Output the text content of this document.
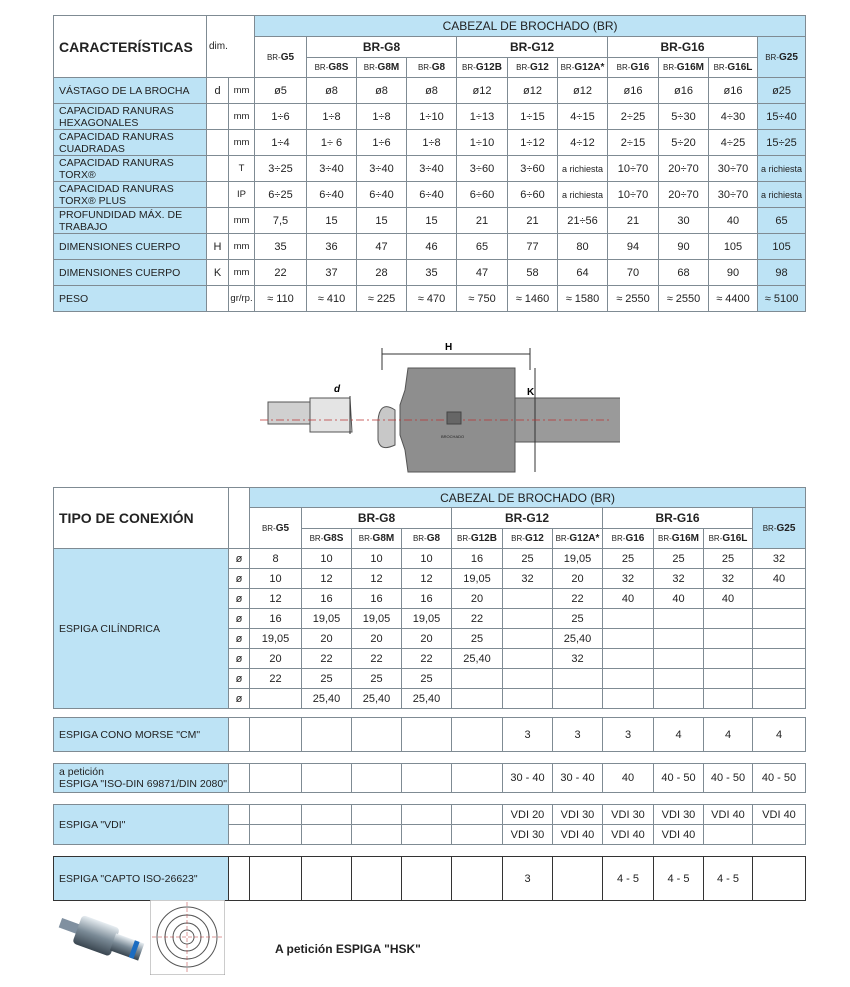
CARACTERÍSTICAS	dim.		CABEZAL DE BROCHADO (BR)										
			BR-G5	BR-G8			BR-G12			BR-G16			BR-G25
				BR-G8S	BR-G8M	BR-G8	BR-G12B	BR-G12	BR-G12A*	BR-G16	BR-G16M	BR-G16L	
VÁSTAGO DE LA BROCHA	d	mm	ø5	ø8	ø8	ø8	ø12	ø12	ø12	ø16	ø16	ø16	ø25
CAPACIDAD RANURAS HEXAGONALES		mm	1÷6	1÷8	1÷8	1÷10	1÷13	1÷15	4÷15	2÷25	5÷30	4÷30	15÷40
CAPACIDAD RANURAS CUADRADAS		mm	1÷4	1÷ 6	1÷6	1÷8	1÷10	1÷12	4÷12	2÷15	5÷20	4÷25	15÷25
CAPACIDAD RANURAS TORX®		T	3÷25	3÷40	3÷40	3÷40	3÷60	3÷60	a richiesta	10÷70	20÷70	30÷70	a richiesta
CAPACIDAD RANURAS TORX® PLUS		IP	6÷25	6÷40	6÷40	6÷40	6÷60	6÷60	a richiesta	10÷70	20÷70	30÷70	a richiesta
PROFUNDIDAD MÁX. DE TRABAJO		mm	7,5	15	15	15	21	21	21÷56	21	30	40	65
DIMENSIONES CUERPO	H	mm	35	36	47	46	65	77	80	94	90	105	105
DIMENSIONES CUERPO	K	mm	22	37	28	35	47	58	64	70	68	90	98
PESO		gr/rp.	≈ 110	≈ 410	≈ 225	≈ 470	≈ 750	≈ 1460	≈ 1580	≈ 2550	≈ 2550	≈ 4400	≈ 5100
H
K
d
BROCHADO
TIPO DE CONEXIÓN		CABEZAL DE BROCHADO (BR)										
		BR-G5	BR-G8			BR-G12			BR-G16			BR-G25
			BR-G8S	BR-G8M	BR-G8	BR-G12B	BR-G12	BR-G12A*	BR-G16	BR-G16M	BR-G16L	
ESPIGA CILÍNDRICA	ø	8	10	10	10	16	25	19,05	25	25	25	32
	ø	10	12	12	12	19,05	32	20	32	32	32	40
	ø	12	16	16	16	20		22	40	40	40	
	ø	16	19,05	19,05	19,05	22		25				
	ø	19,05	20	20	20	25		25,40				
	ø	20	22	22	22	25,40		32				
	ø	22	25	25	25							
	ø		25,40	25,40	25,40							
ESPIGA CONO MORSE "CM"							3	3	3	4	4	4
a petición
ESPIGA "ISO-DIN 69871/DIN 2080"							30 - 40	30 - 40	40	40 - 50	40 - 50	40 - 50
ESPIGA "VDI"							VDI 20	VDI 30	VDI 30	VDI 30	VDI 40	VDI 40
							VDI 30	VDI 40	VDI 40	VDI 40		
ESPIGA "CAPTO ISO-26623"							3		4 - 5	4 - 5	4 - 5	
A petición ESPIGA "HSK"
